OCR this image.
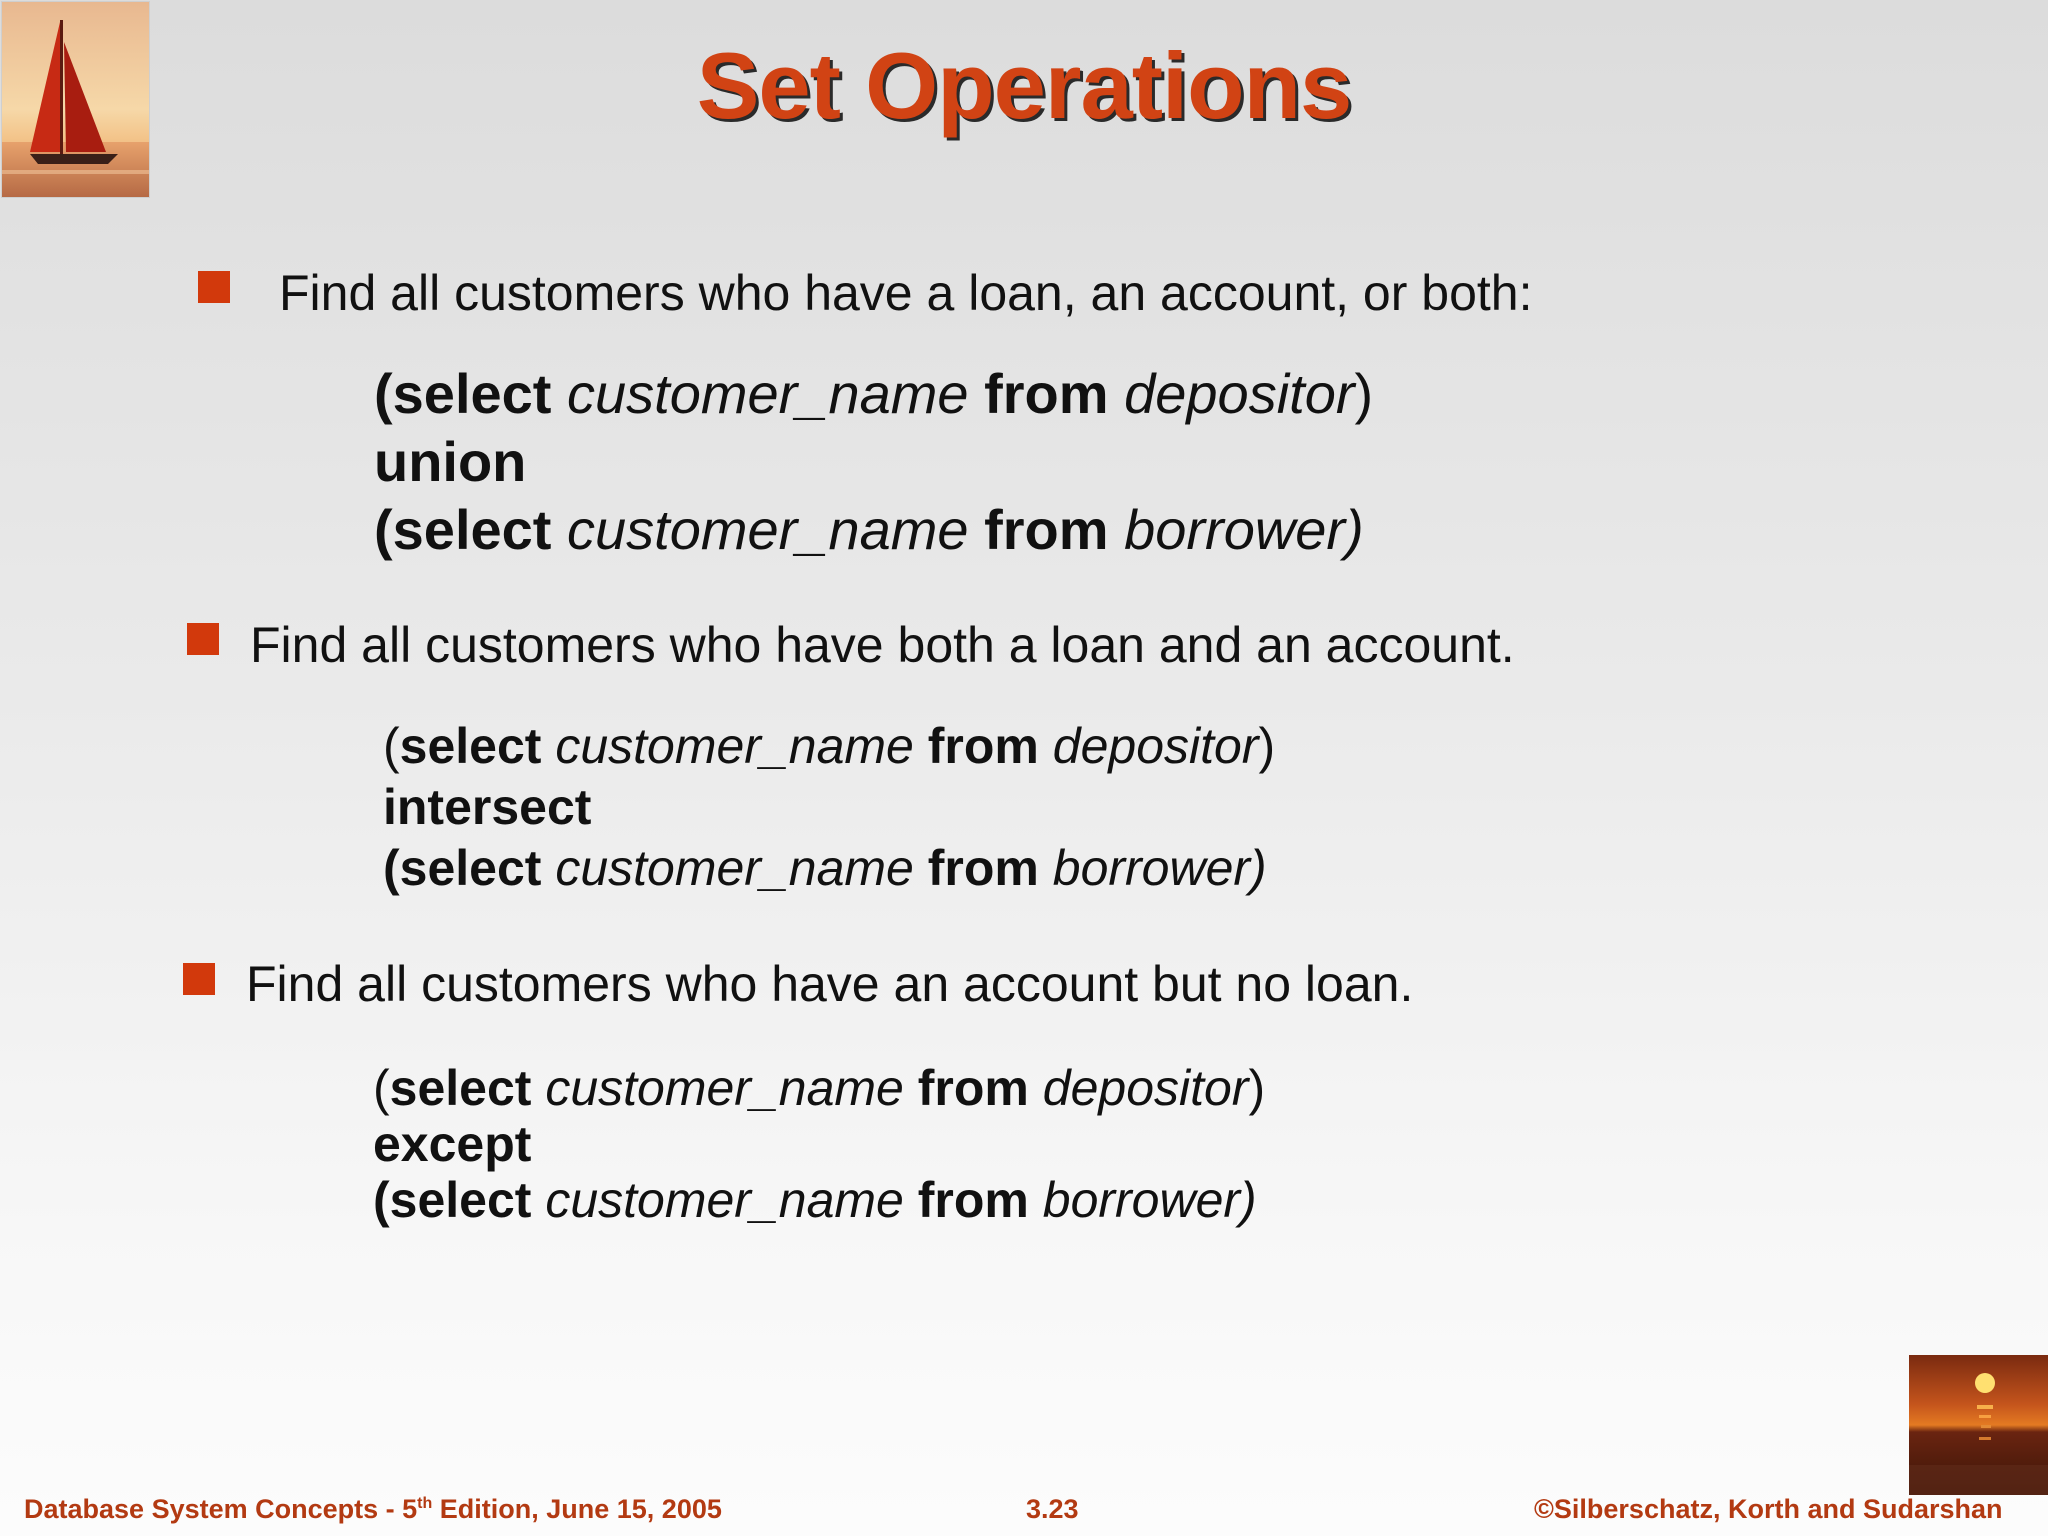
Set Operations
Find all customers who have a loan, an account, or both:
(select customer_name from depositor)
union
(select customer_name from borrower)
Find all customers who have both a loan and an account.
(select customer_name from depositor)
intersect
(select customer_name from borrower)
Find all customers who have an account but no loan.
(select customer_name from depositor)
except
(select customer_name from borrower)
Database System Concepts - 5th Edition, June 15, 2005	3.23	©Silberschatz, Korth and Sudarshan
